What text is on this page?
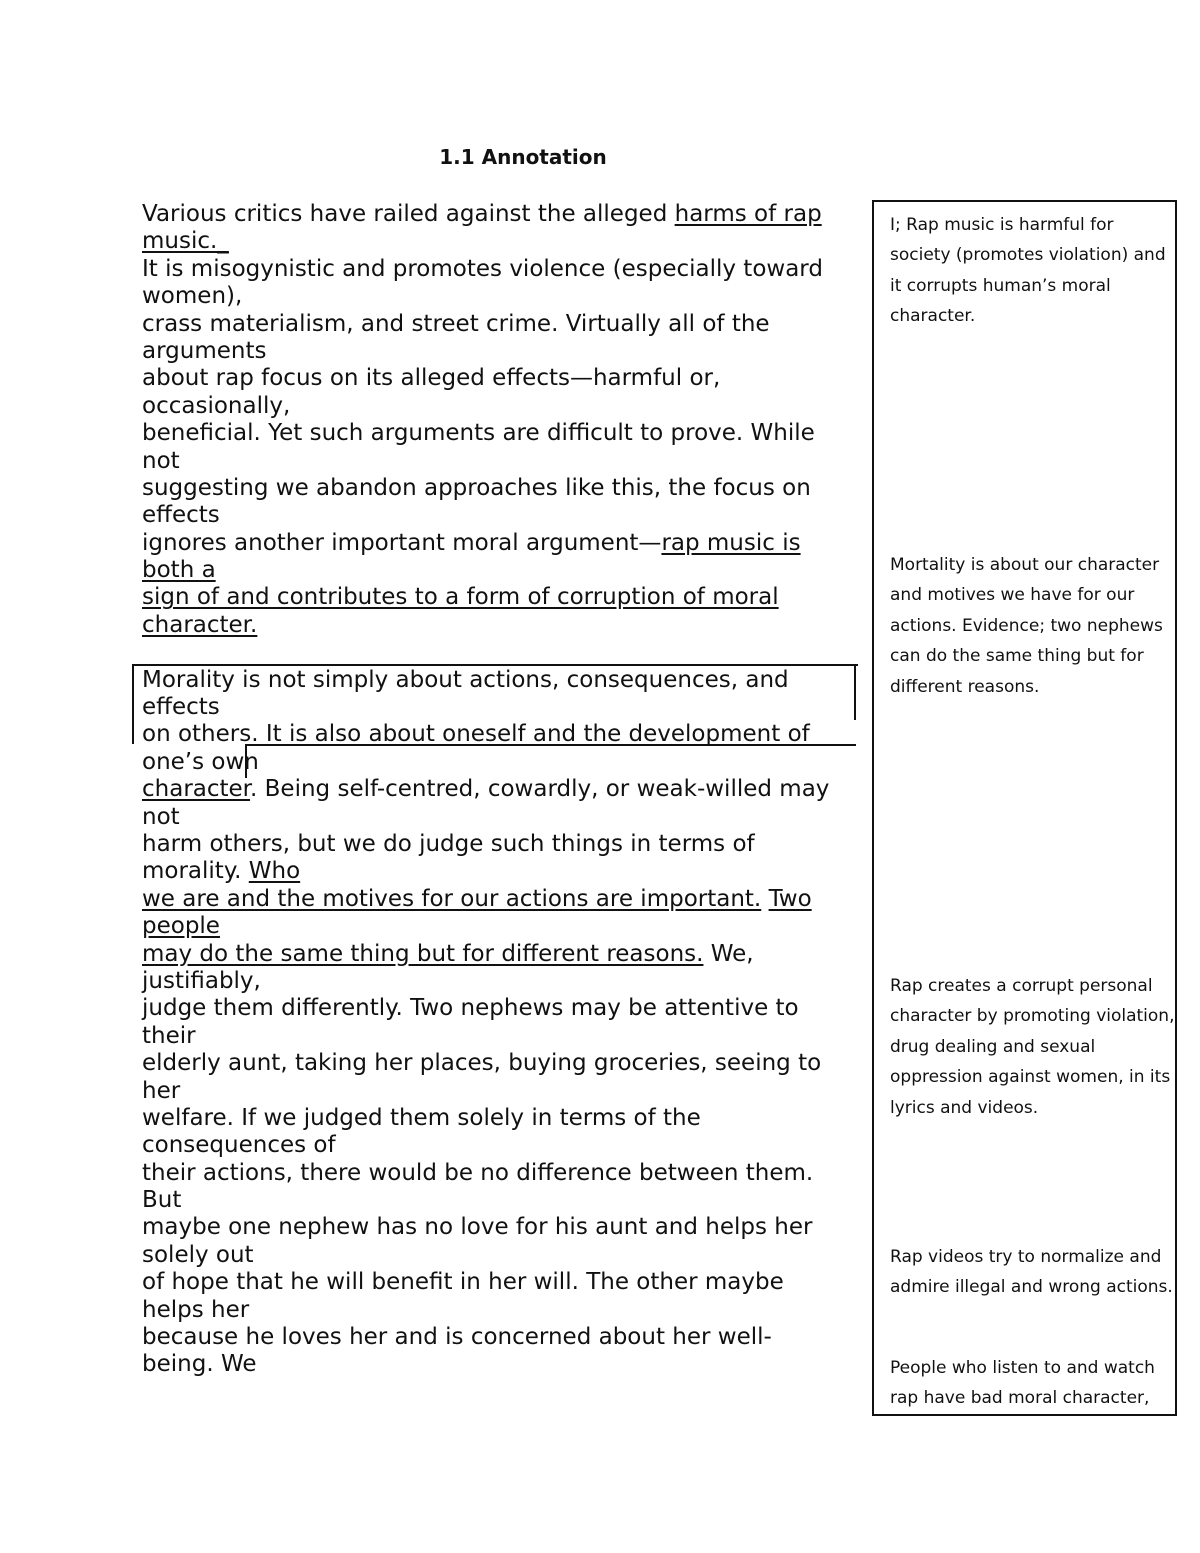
1.1 Annotation
Various critics have railed against the alleged harms of rap
music._
It is misogynistic and promotes violence (especially toward
women),
crass materialism, and street crime. Virtually all of the
arguments
about rap focus on its alleged effects—harmful or,
occasionally,
beneficial. Yet such arguments are difficult to prove. While
not
suggesting we abandon approaches like this, the focus on
effects
ignores another important moral argument—rap music is
both a
sign of and contributes to a form of corruption of moral
character.
Morality is not simply about actions, consequences, and
effects
on others. It is also about oneself and the development of
one’s own
character. Being self-centred, cowardly, or weak-willed may
not
harm others, but we do judge such things in terms of
morality. Who
we are and the motives for our actions are important. Two
people
may do the same thing but for different reasons. We,
justifiably,
judge them differently. Two nephews may be attentive to
their
elderly aunt, taking her places, buying groceries, seeing to
her
welfare. If we judged them solely in terms of the
consequences of
their actions, there would be no difference between them.
But
maybe one nephew has no love for his aunt and helps her
solely out
of hope that he will benefit in her will. The other maybe
helps her
because he loves her and is concerned about her well-
being. We
I; Rap music is harmful for society (promotes violation) and it corrupts human’s moral character.
Mortality is about our character and motives we have for our actions. Evidence; two nephews can do the same thing but for different reasons.
Rap creates a corrupt personal character by promoting violation, drug dealing and sexual oppression against women, in its lyrics and videos.
Rap videos try to normalize and admire illegal and wrong actions.
People who listen to and watch rap have bad moral character,
